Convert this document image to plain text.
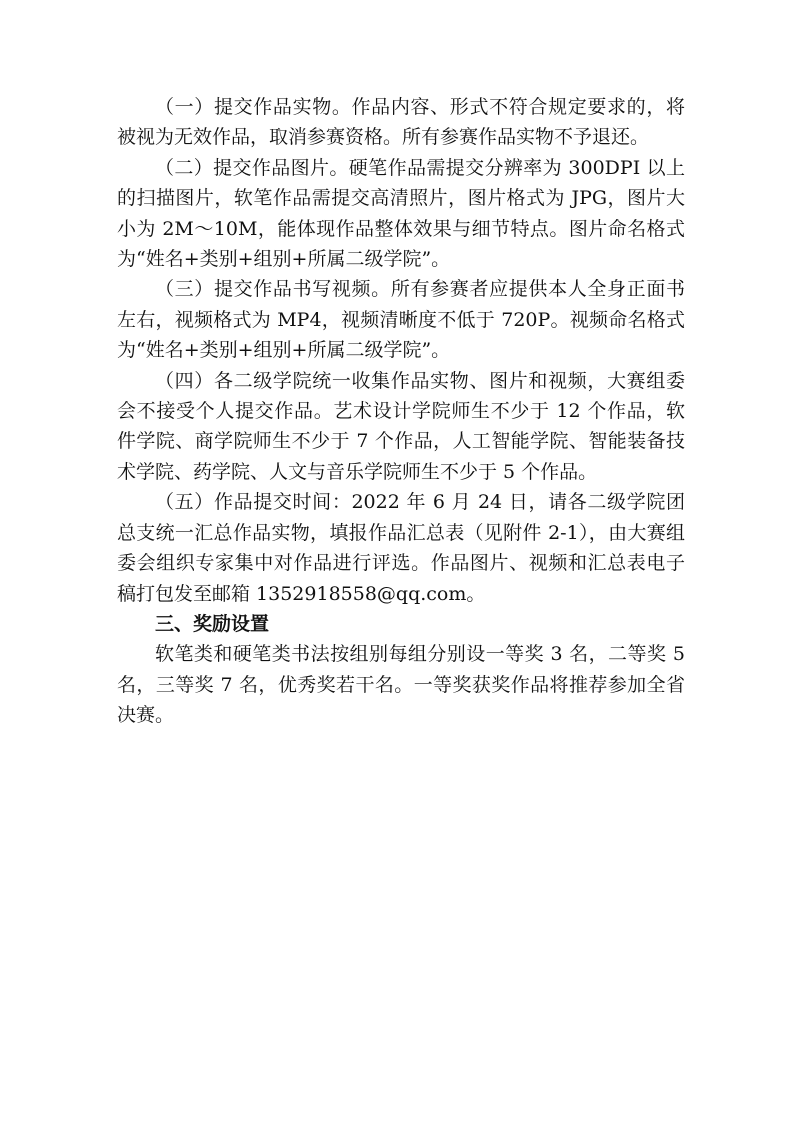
（一）提交作品实物。作品内容、形式不符合规定要求的，将被视为无效作品，取消参赛资格。所有参赛作品实物不予退还。

（二）提交作品图片。硬笔作品需提交分辨率为 300DPI 以上的扫描图片，软笔作品需提交高清照片，图片格式为 JPG，图片大小为 2M～10M，能体现作品整体效果与细节特点。图片命名格式为“姓名+类别+组别+所属二级学院”。

（三）提交作品书写视频。所有参赛者应提供本人全身正面书左右，视频格式为 MP4，视频清晰度不低于 720P。视频命名格式为“姓名+类别+组别+所属二级学院”。

（四）各二级学院统一收集作品实物、图片和视频，大赛组委会不接受个人提交作品。艺术设计学院师生不少于 12 个作品，软件学院、商学院师生不少于 7 个作品，人工智能学院、智能装备技术学院、药学院、人文与音乐学院师生不少于 5 个作品。

（五）作品提交时间：2022 年 6 月 24 日，请各二级学院团总支统一汇总作品实物，填报作品汇总表（见附件 2-1），由大赛组委会组织专家集中对作品进行评选。作品图片、视频和汇总表电子稿打包发至邮箱 1352918558@qq.com。

三、奖励设置

软笔类和硬笔类书法按组别每组分别设一等奖 3 名，二等奖 5 名，三等奖 7 名，优秀奖若干名。一等奖获奖作品将推荐参加全省决赛。
